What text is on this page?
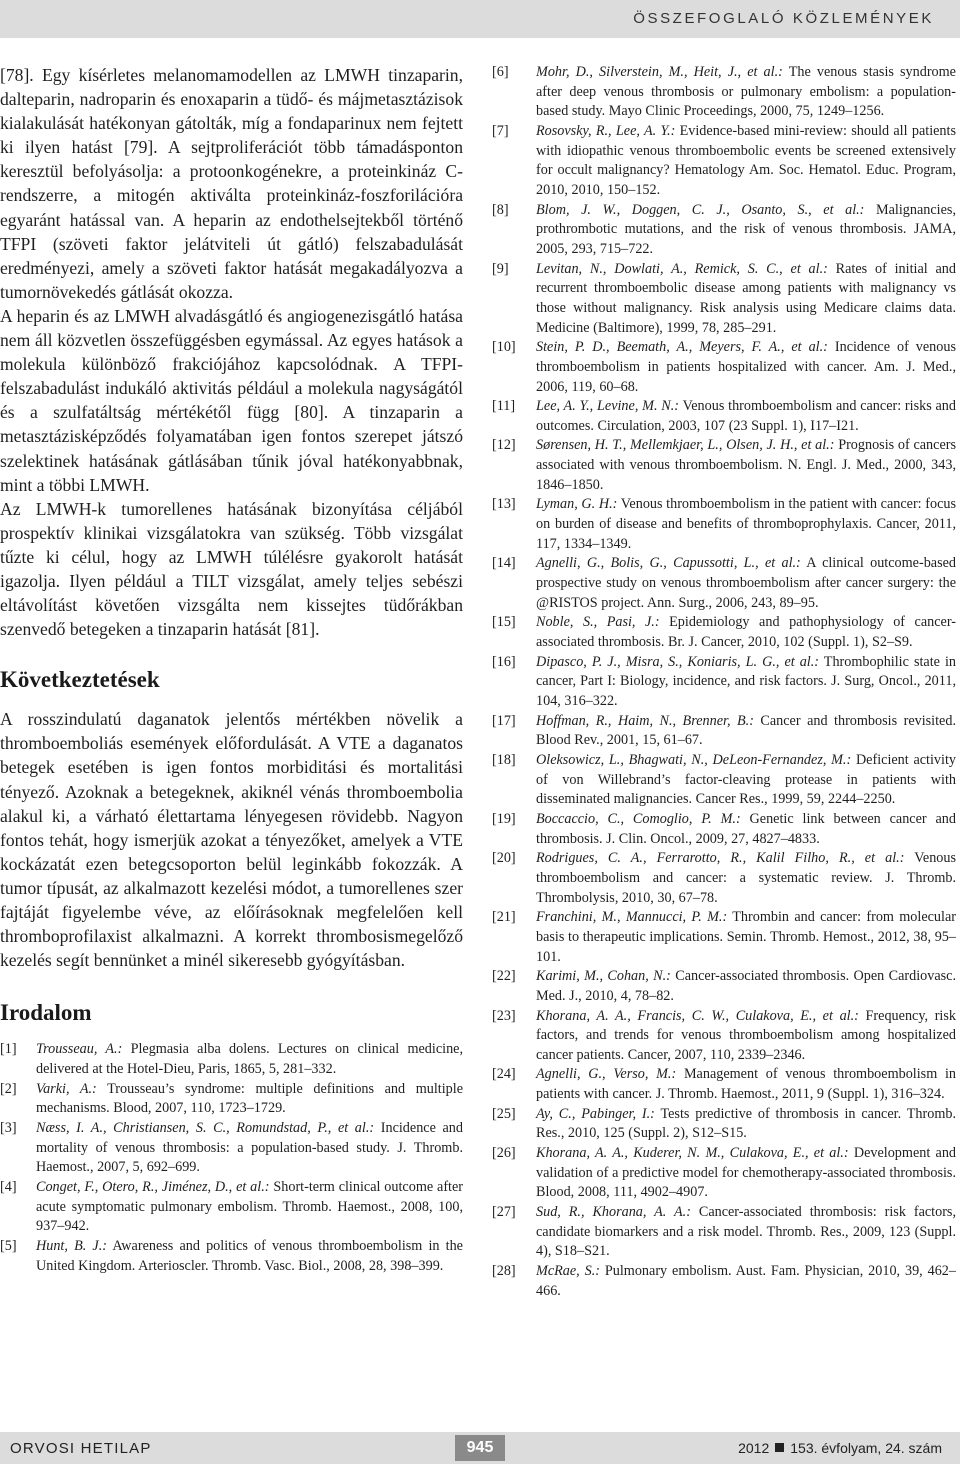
ÖSSZEFOGLALÓ KÖZLEMÉNYEK

[78]. Egy kísérletes melanomamodellen az LMWH tinzaparin, dalteparin, nadroparin és enoxaparin a tüdő- és májmetasztázisok kialakulását hatékonyan gátolták, míg a fondaparinux nem fejtett ki ilyen hatást [79]. A sejtproliferációt több támadásponton keresztül befolyásolja: a protoonkogénekre, a proteinkináz C-rendszerre, a mitogén aktiválta proteinkináz-foszforilációra egyaránt hatással van. A heparin az endothelsejtekből történő TFPI (szöveti faktor jelátviteli út gátló) felszabadulását eredményezi, amely a szöveti faktor hatását megakadályozva a tumornövekedés gátlását okozza.

A heparin és az LMWH alvadásgátló és angiogenezisgátló hatása nem áll közvetlen összefüggésben egymással. Az egyes hatások a molekula különböző frakciójához kapcsolódnak. A TFPI-felszabadulást indukáló aktivitás például a molekula nagyságától és a szulfatáltság mértékétől függ [80]. A tinzaparin a metasztázisképződés folyamatában igen fontos szerepet játszó szelektinek hatásának gátlásában tűnik jóval hatékonyabbnak, mint a többi LMWH.

Az LMWH-k tumorellenes hatásának bizonyítása céljából prospektív klinikai vizsgálatokra van szükség. Több vizsgálat tűzte ki célul, hogy az LMWH túlélésre gyakorolt hatását igazolja. Ilyen például a TILT vizsgálat, amely teljes sebészi eltávolítást követően vizsgálta nem kissejtes tüdőrákban szenvedő betegeken a tinzaparin hatását [81].

Következtetések

A rosszindulatú daganatok jelentős mértékben növelik a thromboemboliás események előfordulását. A VTE a daganatos betegek esetében is igen fontos morbiditási és mortalitási tényező. Azoknak a betegeknek, akiknél vénás thromboembolia alakul ki, a várható élettartama lényegesen rövidebb. Nagyon fontos tehát, hogy ismerjük azokat a tényezőket, amelyek a VTE kockázatát ezen betegcsoporton belül leginkább fokozzák. A tumor típusát, az alkalmazott kezelési módot, a tumorellenes szer fajtáját figyelembe véve, az előírásoknak megfelelően kell thromboprofilaxist alkalmazni. A korrekt thrombosismegelőző kezelés segít bennünket a minél sikeresebb gyógyításban.

Irodalom
[1]	Trousseau, A.: Plegmasia alba dolens. Lectures on clinical medicine, delivered at the Hotel-Dieu, Paris, 1865, 5, 281–332.
[2]	Varki, A.: Trousseau’s syndrome: multiple definitions and multiple mechanisms. Blood, 2007, 110, 1723–1729.
[3]	Næss, I. A., Christiansen, S. C., Romundstad, P., et al.: Incidence and mortality of venous thrombosis: a population-based study. J. Thromb. Haemost., 2007, 5, 692–699.
[4]	Conget, F., Otero, R., Jiménez, D., et al.: Short-term clinical outcome after acute symptomatic pulmonary embolism. Thromb. Haemost., 2008, 100, 937–942.
[5]	Hunt, B. J.: Awareness and politics of venous thromboembolism in the United Kingdom. Arterioscler. Thromb. Vasc. Biol., 2008, 28, 398–399.
[6]	Mohr, D., Silverstein, M., Heit, J., et al.: The venous stasis syndrome after deep venous thrombosis or pulmonary embolism: a population-based study. Mayo Clinic Proceedings, 2000, 75, 1249–1256.
[7]	Rosovsky, R., Lee, A. Y.: Evidence-based mini-review: should all patients with idiopathic venous thromboembolic events be screened extensively for occult malignancy? Hematology Am. Soc. Hematol. Educ. Program, 2010, 2010, 150–152.
[8]	Blom, J. W., Doggen, C. J., Osanto, S., et al.: Malignancies, prothrombotic mutations, and the risk of venous thrombosis. JAMA, 2005, 293, 715–722.
[9]	Levitan, N., Dowlati, A., Remick, S. C., et al.: Rates of initial and recurrent thromboembolic disease among patients with malignancy vs those without malignancy. Risk analysis using Medicare claims data. Medicine (Baltimore), 1999, 78, 285–291.
[10]	Stein, P. D., Beemath, A., Meyers, F. A., et al.: Incidence of venous thromboembolism in patients hospitalized with cancer. Am. J. Med., 2006, 119, 60–68.
[11]	Lee, A. Y., Levine, M. N.: Venous thromboembolism and cancer: risks and outcomes. Circulation, 2003, 107 (23 Suppl. 1), I17–I21.
[12]	Sørensen, H. T., Mellemkjaer, L., Olsen, J. H., et al.: Prognosis of cancers associated with venous thromboembolism. N. Engl. J. Med., 2000, 343, 1846–1850.
[13]	Lyman, G. H.: Venous thromboembolism in the patient with cancer: focus on burden of disease and benefits of thromboprophylaxis. Cancer, 2011, 117, 1334–1349.
[14]	Agnelli, G., Bolis, G., Capussotti, L., et al.: A clinical outcome-based prospective study on venous thromboembolism after cancer surgery: the @RISTOS project. Ann. Surg., 2006, 243, 89–95.
[15]	Noble, S., Pasi, J.: Epidemiology and pathophysiology of cancer-associated thrombosis. Br. J. Cancer, 2010, 102 (Suppl. 1), S2–S9.
[16]	Dipasco, P. J., Misra, S., Koniaris, L. G., et al.: Thrombophilic state in cancer, Part I: Biology, incidence, and risk factors. J. Surg, Oncol., 2011, 104, 316–322.
[17]	Hoffman, R., Haim, N., Brenner, B.: Cancer and thrombosis revisited. Blood Rev., 2001, 15, 61–67.
[18]	Oleksowicz, L., Bhagwati, N., DeLeon-Fernandez, M.: Deficient activity of von Willebrand’s factor-cleaving protease in patients with disseminated malignancies. Cancer Res., 1999, 59, 2244–2250.
[19]	Boccaccio, C., Comoglio, P. M.: Genetic link between cancer and thrombosis. J. Clin. Oncol., 2009, 27, 4827–4833.
[20]	Rodrigues, C. A., Ferrarotto, R., Kalil Filho, R., et al.: Venous thromboembolism and cancer: a systematic review. J. Thromb. Thrombolysis, 2010, 30, 67–78.
[21]	Franchini, M., Mannucci, P. M.: Thrombin and cancer: from molecular basis to therapeutic implications. Semin. Thromb. Hemost., 2012, 38, 95–101.
[22]	Karimi, M., Cohan, N.: Cancer-associated thrombosis. Open Cardiovasc. Med. J., 2010, 4, 78–82.
[23]	Khorana, A. A., Francis, C. W., Culakova, E., et al.: Frequency, risk factors, and trends for venous thromboembolism among hospitalized cancer patients. Cancer, 2007, 110, 2339–2346.
[24]	Agnelli, G., Verso, M.: Management of venous thromboembolism in patients with cancer. J. Thromb. Haemost., 2011, 9 (Suppl. 1), 316–324.
[25]	Ay, C., Pabinger, I.: Tests predictive of thrombosis in cancer. Thromb. Res., 2010, 125 (Suppl. 2), S12–S15.
[26]	Khorana, A. A., Kuderer, N. M., Culakova, E., et al.: Development and validation of a predictive model for chemotherapy-associated thrombosis. Blood, 2008, 111, 4902–4907.
[27]	Sud, R., Khorana, A. A.: Cancer-associated thrombosis: risk factors, candidate biomarkers and a risk model. Thromb. Res., 2009, 123 (Suppl. 4), S18–S21.
[28]	McRae, S.: Pulmonary embolism. Aust. Fam. Physician, 2010, 39, 462–466.
ORVOSI HETILAP	945	2012 153. évfolyam, 24. szám
